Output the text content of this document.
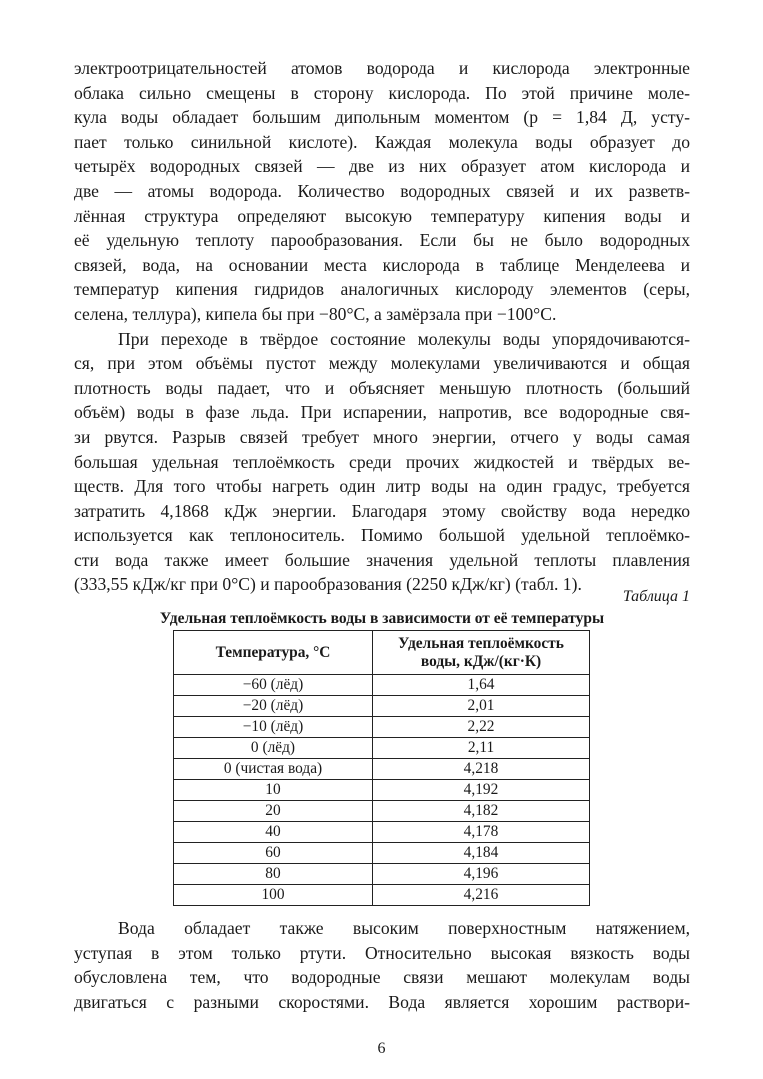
электроотрицательностей атомов водорода и кислорода электронные
облака сильно смещены в сторону кислорода. По этой причине моле-
кула воды обладает большим дипольным моментом (p = 1,84 Д, усту-
пает только синильной кислоте). Каждая молекула воды образует до
четырёх водородных связей — две из них образует атом кислорода и
две — атомы водорода. Количество водородных связей и их разветв-
лённая структура определяют высокую температуру кипения воды и
её удельную теплоту парообразования. Если бы не было водородных
связей, вода, на основании места кислорода в таблице Менделеева и
температур кипения гидридов аналогичных кислороду элементов (серы,
селена, теллура), кипела бы при −80°С, а замёрзала при −100°С.
При переходе в твёрдое состояние молекулы воды упорядочиваются-
ся, при этом объёмы пустот между молекулами увеличиваются и общая
плотность воды падает, что и объясняет меньшую плотность (больший
объём) воды в фазе льда. При испарении, напротив, все водородные свя-
зи рвутся. Разрыв связей требует много энергии, отчего у воды самая
большая удельная теплоёмкость среди прочих жидкостей и твёрдых ве-
ществ. Для того чтобы нагреть один литр воды на один градус, требуется
затратить 4,1868 кДж энергии. Благодаря этому свойству вода нередко
используется как теплоноситель. Помимо большой удельной теплоёмко-
сти вода также имеет большие значения удельной теплоты плавления
(333,55 кДж/кг при 0°С) и парообразования (2250 кДж/кг) (табл. 1).
Таблица 1
Удельная теплоёмкость воды в зависимости от её температуры
Температура, °С	Удельная теплоёмкость
воды, кДж/(кг·К)
−60 (лёд)	1,64
−20 (лёд)	2,01
−10 (лёд)	2,22
0 (лёд)	2,11
0 (чистая вода)	4,218
10	4,192
20	4,182
40	4,178
60	4,184
80	4,196
100	4,216
Вода обладает также высоким поверхностным натяжением,
уступая в этом только ртути. Относительно высокая вязкость воды
обусловлена тем, что водородные связи мешают молекулам воды
двигаться с разными скоростями. Вода является хорошим раствори-
6
